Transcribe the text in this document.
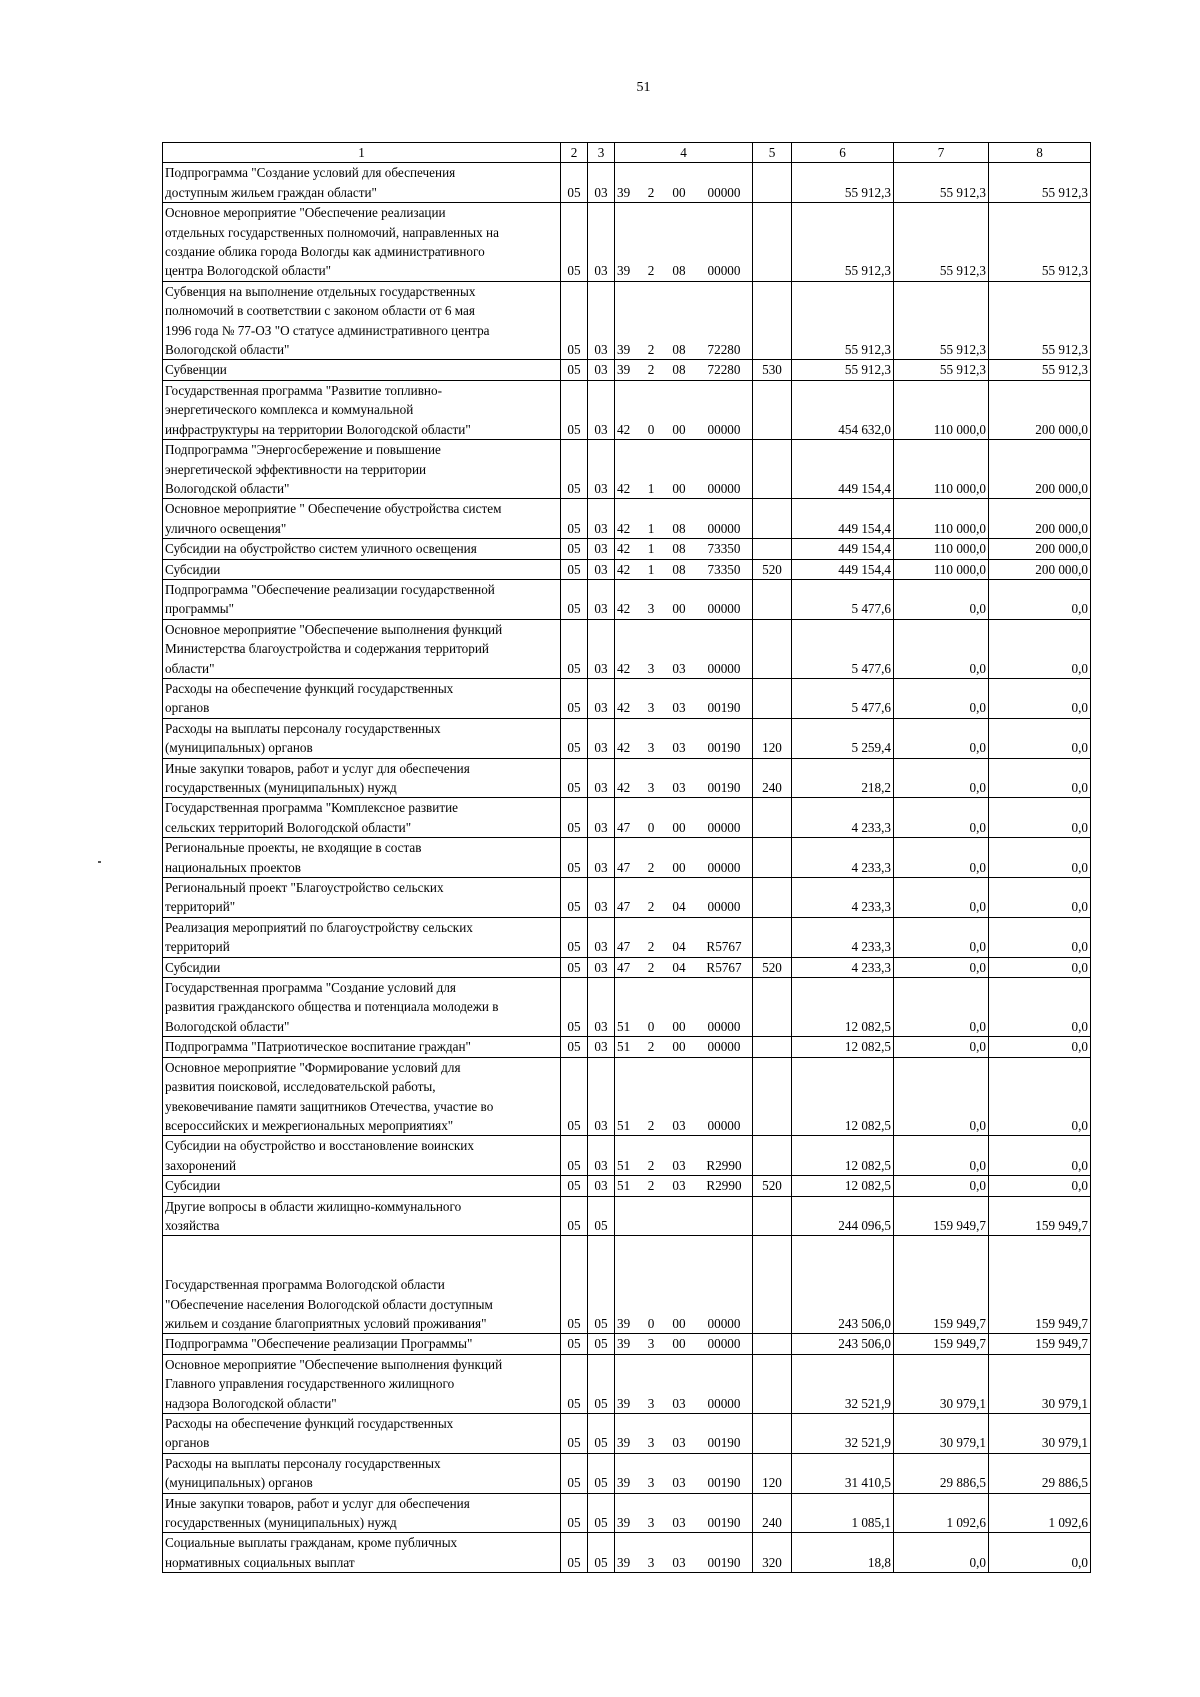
51
1	2	3	4	5	6	7	8
Подпрограмма "Создание условий для обеспечения
доступным жильем граждан области"	05	03	39 2 00 00000		55 912,3	55 912,3	55 912,3
Основное мероприятие "Обеспечение реализации
отдельных государственных полномочий, направленных на
создание облика города Вологды как административного
центра Вологодской области"	05	03	39 2 08 00000		55 912,3	55 912,3	55 912,3
Субвенция на выполнение отдельных государственных
полномочий в соответствии с законом области от 6 мая
1996 года № 77-ОЗ "О статусе административного центра
Вологодской области"	05	03	39 2 08 72280		55 912,3	55 912,3	55 912,3
Субвенции	05	03	39 2 08 72280	530	55 912,3	55 912,3	55 912,3
Государственная программа "Развитие топливно-
энергетического комплекса и коммунальной
инфраструктуры на территории Вологодской области"	05	03	42 0 00 00000		454 632,0	110 000,0	200 000,0
Подпрограмма "Энергосбережение и повышение
энергетической эффективности на территории
Вологодской области"	05	03	42 1 00 00000		449 154,4	110 000,0	200 000,0
Основное мероприятие " Обеспечение обустройства систем
уличного освещения"	05	03	42 1 08 00000		449 154,4	110 000,0	200 000,0
Субсидии на обустройство систем уличного освещения	05	03	42 1 08 73350		449 154,4	110 000,0	200 000,0
Субсидии	05	03	42 1 08 73350	520	449 154,4	110 000,0	200 000,0
Подпрограмма "Обеспечение реализации государственной
программы"	05	03	42 3 00 00000		5 477,6	0,0	0,0
Основное мероприятие "Обеспечение выполнения функций
Министерства благоустройства и содержания территорий
области"	05	03	42 3 03 00000		5 477,6	0,0	0,0
Расходы на обеспечение функций государственных
органов	05	03	42 3 03 00190		5 477,6	0,0	0,0
Расходы на выплаты персоналу государственных
(муниципальных) органов	05	03	42 3 03 00190	120	5 259,4	0,0	0,0
Иные закупки товаров, работ и услуг для обеспечения
государственных (муниципальных) нужд	05	03	42 3 03 00190	240	218,2	0,0	0,0
Государственная программа "Комплексное развитие
сельских территорий Вологодской области"	05	03	47 0 00 00000		4 233,3	0,0	0,0
Региональные проекты, не входящие в состав
национальных проектов	05	03	47 2 00 00000		4 233,3	0,0	0,0
Региональный проект "Благоустройство сельских
территорий"	05	03	47 2 04 00000		4 233,3	0,0	0,0
Реализация мероприятий по благоустройству сельских
территорий	05	03	47 2 04 R5767		4 233,3	0,0	0,0
Субсидии	05	03	47 2 04 R5767	520	4 233,3	0,0	0,0
Государственная программа "Создание условий для
развития гражданского общества и потенциала молодежи в
Вологодской области"	05	03	51 0 00 00000		12 082,5	0,0	0,0
Подпрограмма "Патриотическое воспитание граждан"	05	03	51 2 00 00000		12 082,5	0,0	0,0
Основное мероприятие "Формирование условий для
развития поисковой, исследовательской работы,
увековечивание памяти защитников Отечества, участие во
всероссийских и межрегиональных мероприятиях"	05	03	51 2 03 00000		12 082,5	0,0	0,0
Субсидии на обустройство и восстановление воинских
захоронений	05	03	51 2 03 R2990		12 082,5	0,0	0,0
Субсидии	05	03	51 2 03 R2990	520	12 082,5	0,0	0,0
Другие вопросы в области жилищно-коммунального
хозяйства	05	05			244 096,5	159 949,7	159 949,7

Государственная программа Вологодской области
"Обеспечение населения Вологодской области доступным
жильем и создание благоприятных условий проживания"	05	05	39 0 00 00000		243 506,0	159 949,7	159 949,7
Подпрограмма "Обеспечение реализации Программы"	05	05	39 3 00 00000		243 506,0	159 949,7	159 949,7
Основное мероприятие "Обеспечение выполнения функций
Главного управления государственного жилищного
надзора Вологодской области"	05	05	39 3 03 00000		32 521,9	30 979,1	30 979,1
Расходы на обеспечение функций государственных
органов	05	05	39 3 03 00190		32 521,9	30 979,1	30 979,1
Расходы на выплаты персоналу государственных
(муниципальных) органов	05	05	39 3 03 00190	120	31 410,5	29 886,5	29 886,5
Иные закупки товаров, работ и услуг для обеспечения
государственных (муниципальных) нужд	05	05	39 3 03 00190	240	1 085,1	1 092,6	1 092,6
Социальные выплаты гражданам, кроме публичных
нормативных социальных выплат	05	05	39 3 03 00190	320	18,8	0,0	0,0
